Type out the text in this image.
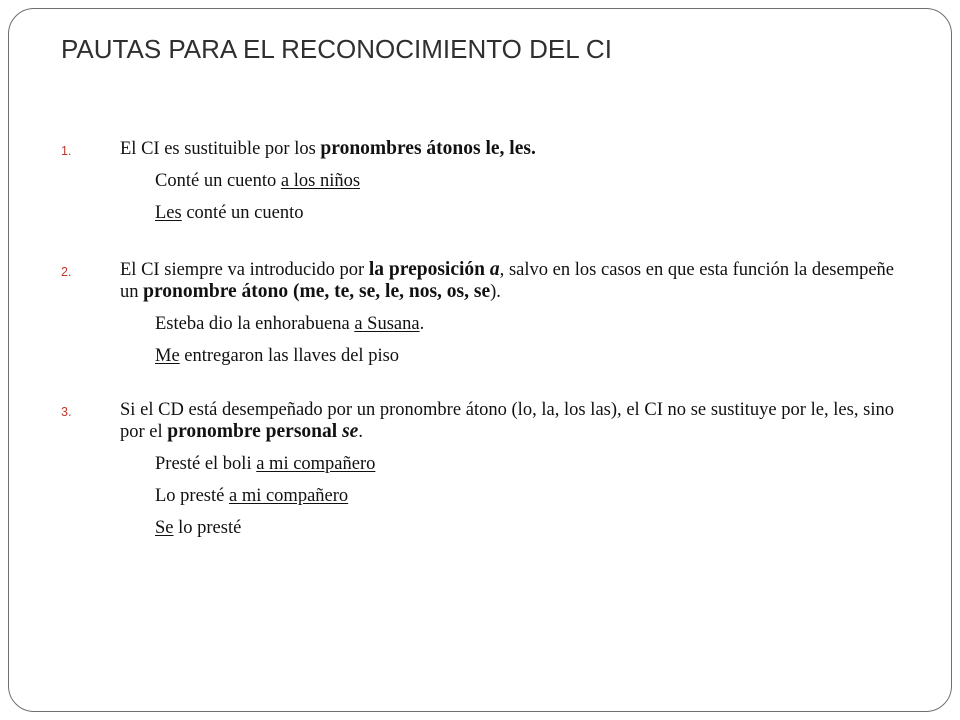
PAUTAS PARA EL RECONOCIMIENTO DEL CI
1.	El CI es sustituible por los pronombres átonos le, les.
Conté un cuento a los niños
Les conté un cuento
2.	El CI siempre va introducido por la preposición a, salvo en los casos en que esta función la desempeñe un pronombre átono (me, te, se, le, nos, os, se).
Esteba dio la enhorabuena a Susana.
Me entregaron las llaves del piso
3.	Si el CD está desempeñado por un pronombre átono (lo, la, los las), el CI no se sustituye por le, les, sino por el pronombre personal se.
Presté el boli a mi compañero
Lo presté a mi compañero
Se lo presté
